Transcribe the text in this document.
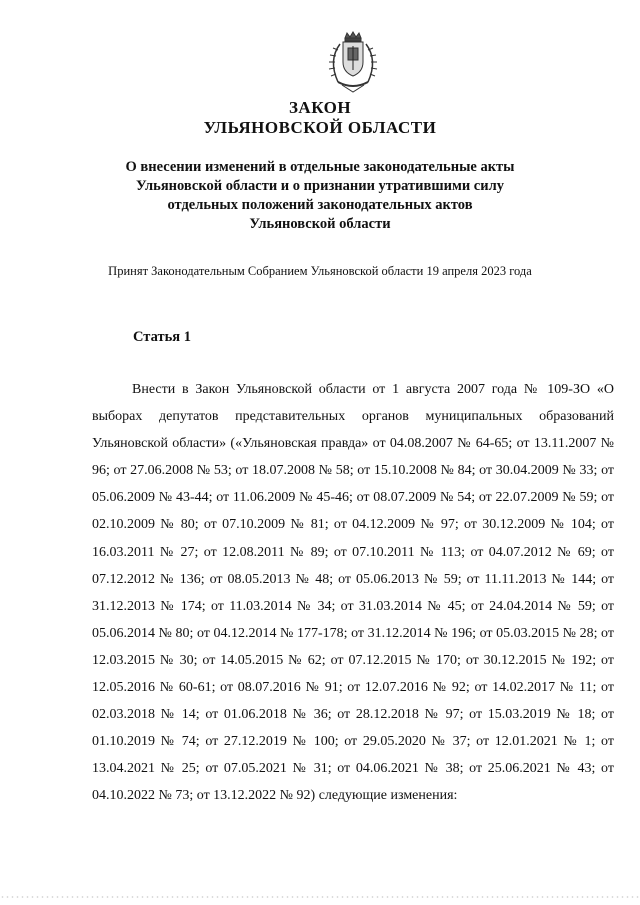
ЗАКОН
УЛЬЯНОВСКОЙ ОБЛАСТИ
О внесении изменений в отдельные законодательные акты
Ульяновской области и о признании утратившими силу
отдельных положений законодательных актов
Ульяновской области
Принят Законодательным Собранием Ульяновской области 19 апреля 2023 года
Статья 1

Внести в Закон Ульяновской области от 1 августа 2007 года № 109-ЗО «О выборах депутатов представительных органов муниципальных образований Ульяновской области» («Ульяновская правда» от 04.08.2007 № 64-65; от 13.11.2007 № 96; от 27.06.2008 № 53; от 18.07.2008 № 58; от 15.10.2008 № 84; от 30.04.2009 № 33; от 05.06.2009 № 43-44; от 11.06.2009 № 45-46; от 08.07.2009 № 54; от 22.07.2009 № 59; от 02.10.2009 № 80; от 07.10.2009 № 81; от 04.12.2009 № 97; от 30.12.2009 № 104; от 16.03.2011 № 27; от 12.08.2011 № 89; от 07.10.2011 № 113; от 04.07.2012 № 69; от 07.12.2012 № 136; от 08.05.2013 № 48; от 05.06.2013 № 59; от 11.11.2013 № 144; от 31.12.2013 № 174; от 11.03.2014 № 34; от 31.03.2014 № 45; от 24.04.2014 № 59; от 05.06.2014 № 80; от 04.12.2014 № 177-178; от 31.12.2014 № 196; от 05.03.2015 № 28; от 12.03.2015 № 30; от 14.05.2015 № 62; от 07.12.2015 № 170; от 30.12.2015 № 192; от 12.05.2016 № 60-61; от 08.07.2016 № 91; от 12.07.2016 № 92; от 14.02.2017 № 11; от 02.03.2018 № 14; от 01.06.2018 № 36; от 28.12.2018 № 97; от 15.03.2019 № 18; от 01.10.2019 № 74; от 27.12.2019 № 100; от 29.05.2020 № 37; от 12.01.2021 № 1; от 13.04.2021 № 25; от 07.05.2021 № 31; от 04.06.2021 № 38; от 25.06.2021 № 43; от 04.10.2022 № 73; от 13.12.2022 № 92) следующие изменения:
